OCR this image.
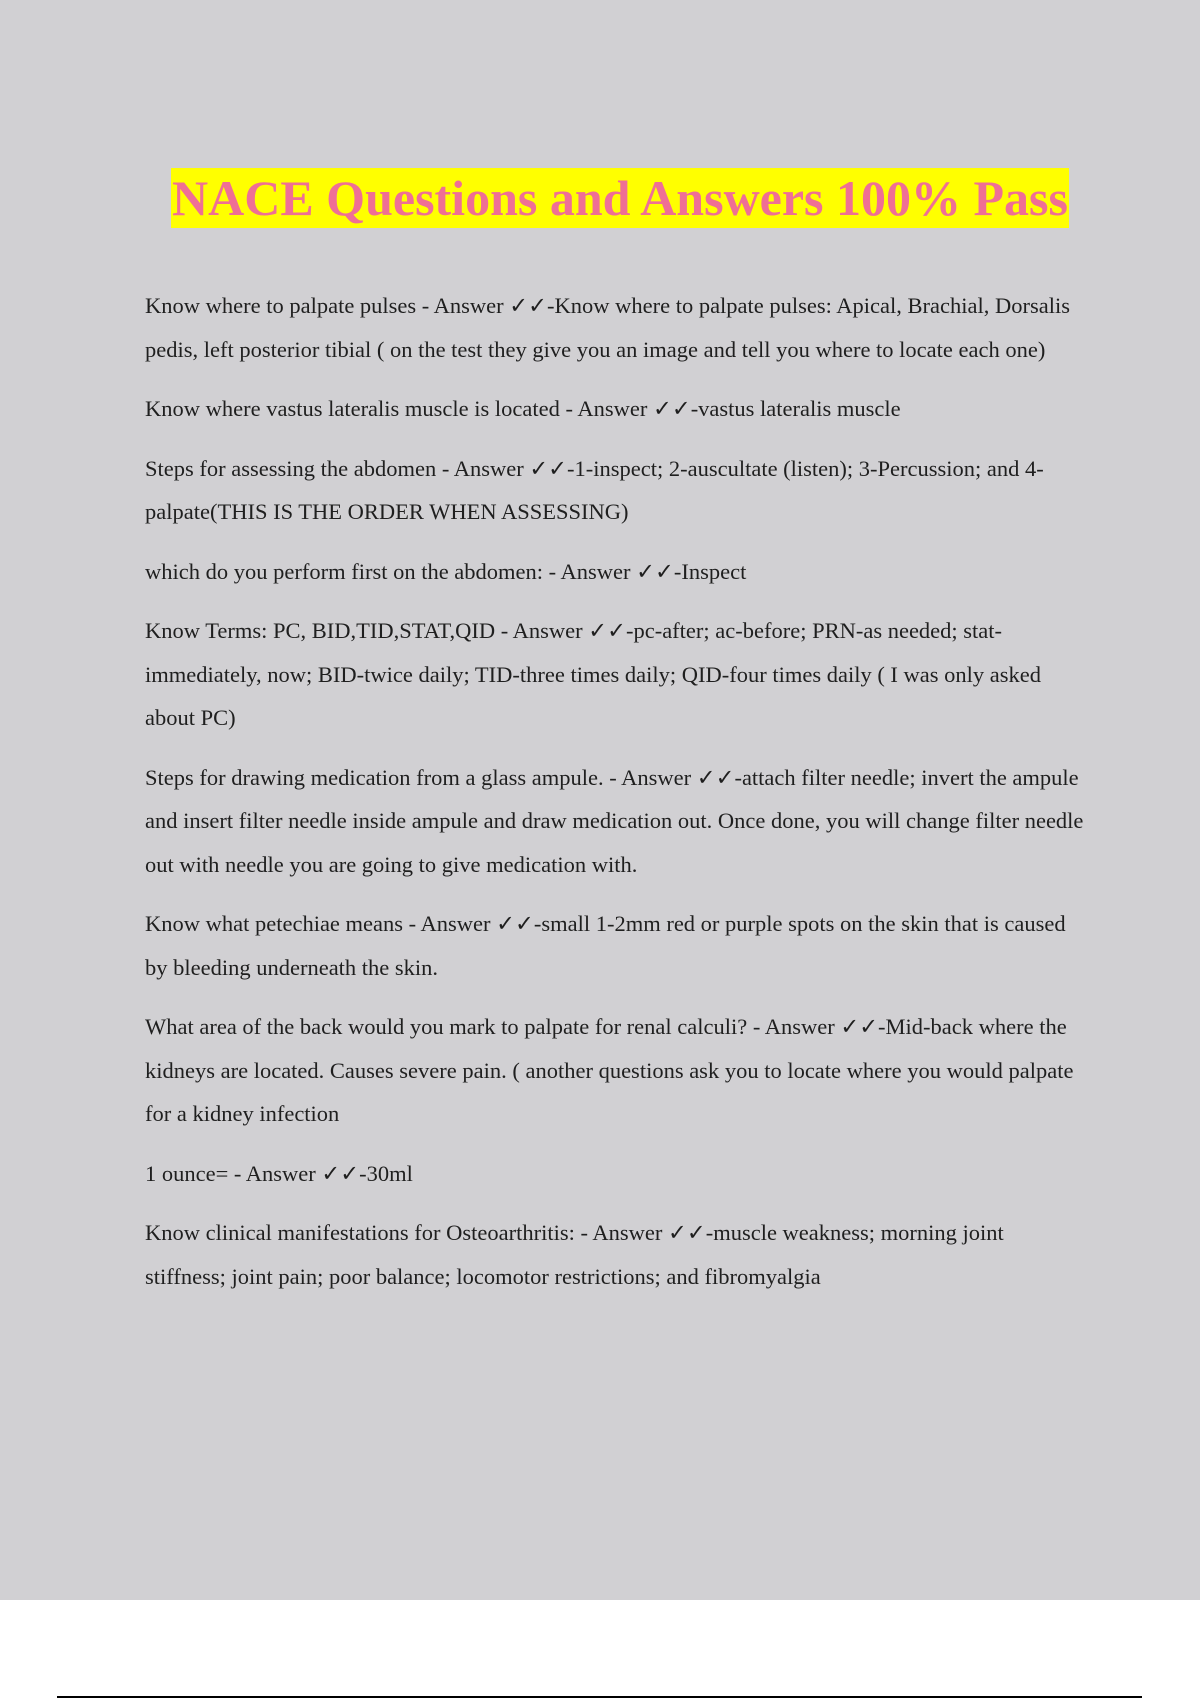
NACE Questions and Answers 100% Pass

Know where to palpate pulses - Answer ✓✓-Know where to palpate pulses: Apical, Brachial, Dorsalis pedis, left posterior tibial ( on the test they give you an image and tell you where to locate each one)

Know where vastus lateralis muscle is located - Answer ✓✓-vastus lateralis muscle

Steps for assessing the abdomen - Answer ✓✓-1-inspect; 2-auscultate (listen); 3-Percussion; and 4-palpate(THIS IS THE ORDER WHEN ASSESSING)

which do you perform first on the abdomen: - Answer ✓✓-Inspect

Know Terms: PC, BID,TID,STAT,QID - Answer ✓✓-pc-after; ac-before; PRN-as needed; stat-immediately, now; BID-twice daily; TID-three times daily; QID-four times daily ( I was only asked about PC)

Steps for drawing medication from a glass ampule. - Answer ✓✓-attach filter needle; invert the ampule and insert filter needle inside ampule and draw medication out. Once done, you will change filter needle out with needle you are going to give medication with.

Know what petechiae means - Answer ✓✓-small 1-2mm red or purple spots on the skin that is caused by bleeding underneath the skin.

What area of the back would you mark to palpate for renal calculi? - Answer ✓✓-Mid-back where the kidneys are located. Causes severe pain. ( another questions ask you to locate where you would palpate for a kidney infection

1 ounce= - Answer ✓✓-30ml

Know clinical manifestations for Osteoarthritis: - Answer ✓✓-muscle weakness; morning joint stiffness; joint pain; poor balance; locomotor restrictions; and fibromyalgia
